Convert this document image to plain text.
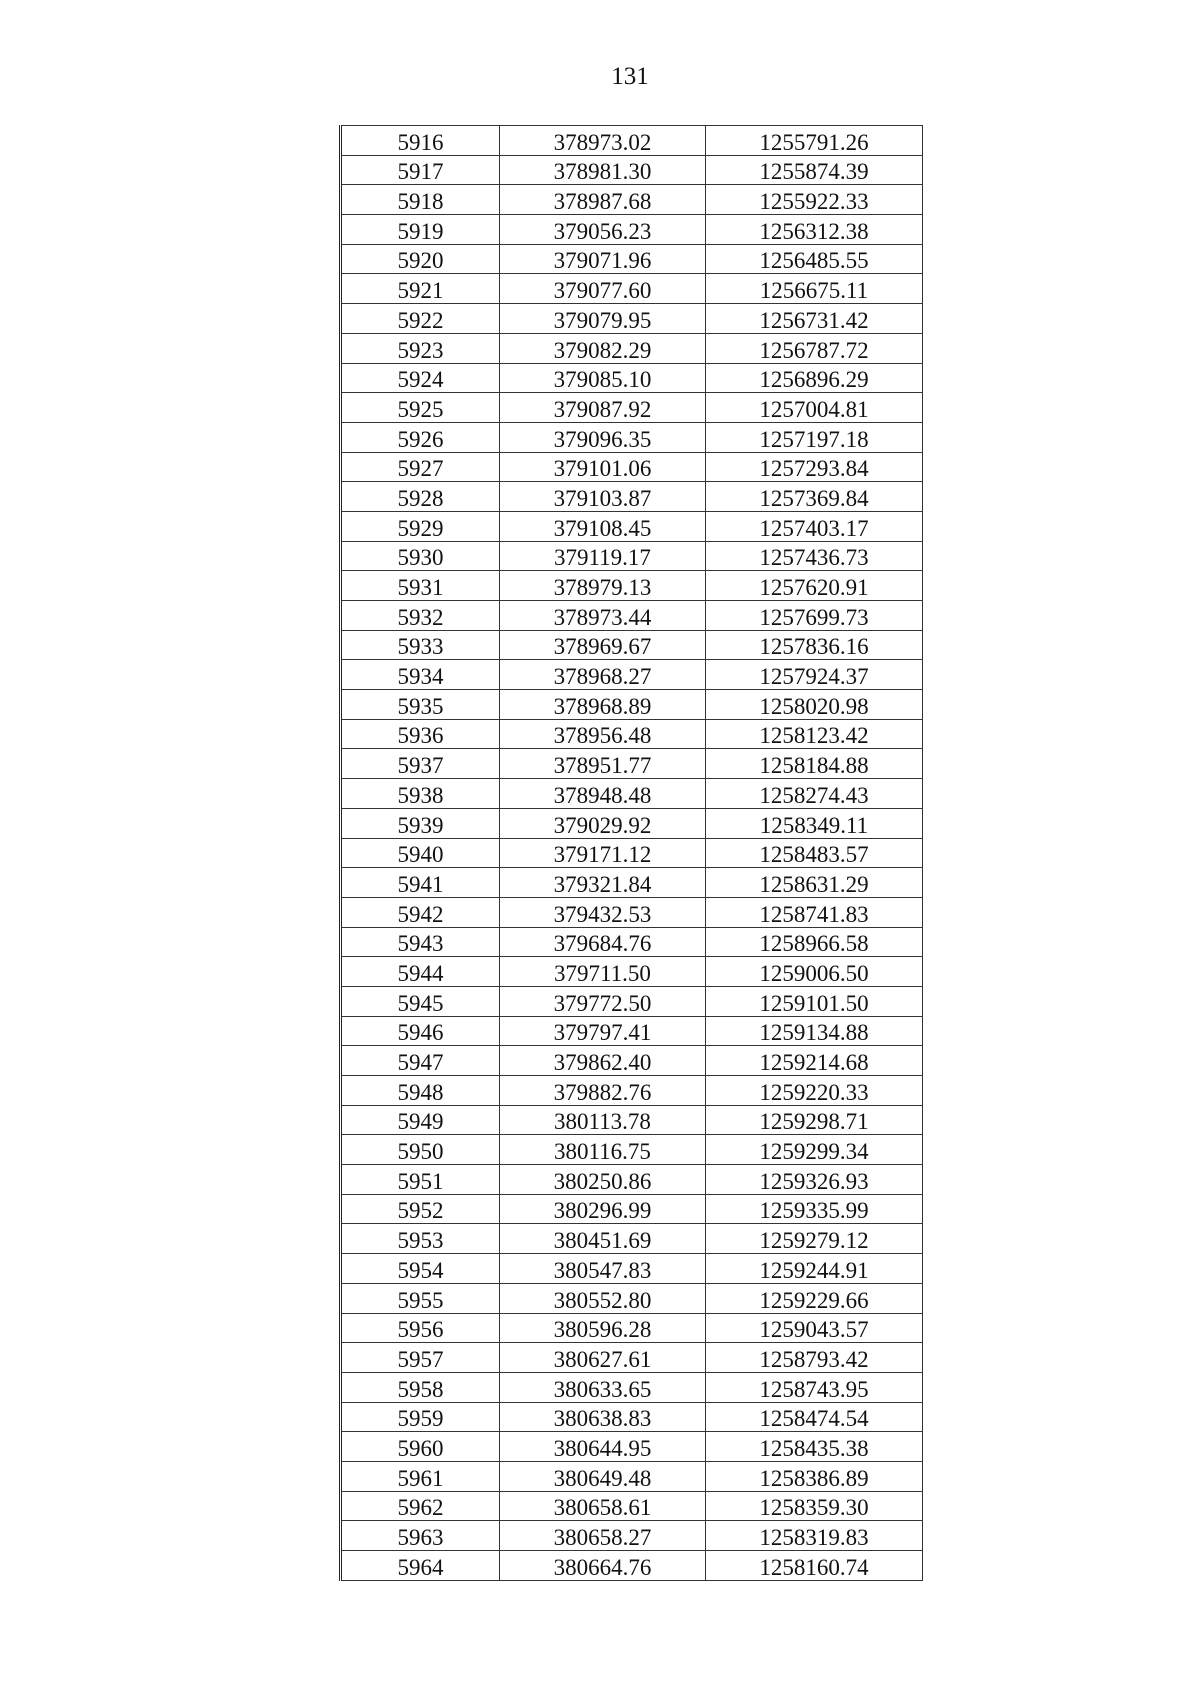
131
5916	378973.02	1255791.26
5917	378981.30	1255874.39
5918	378987.68	1255922.33
5919	379056.23	1256312.38
5920	379071.96	1256485.55
5921	379077.60	1256675.11
5922	379079.95	1256731.42
5923	379082.29	1256787.72
5924	379085.10	1256896.29
5925	379087.92	1257004.81
5926	379096.35	1257197.18
5927	379101.06	1257293.84
5928	379103.87	1257369.84
5929	379108.45	1257403.17
5930	379119.17	1257436.73
5931	378979.13	1257620.91
5932	378973.44	1257699.73
5933	378969.67	1257836.16
5934	378968.27	1257924.37
5935	378968.89	1258020.98
5936	378956.48	1258123.42
5937	378951.77	1258184.88
5938	378948.48	1258274.43
5939	379029.92	1258349.11
5940	379171.12	1258483.57
5941	379321.84	1258631.29
5942	379432.53	1258741.83
5943	379684.76	1258966.58
5944	379711.50	1259006.50
5945	379772.50	1259101.50
5946	379797.41	1259134.88
5947	379862.40	1259214.68
5948	379882.76	1259220.33
5949	380113.78	1259298.71
5950	380116.75	1259299.34
5951	380250.86	1259326.93
5952	380296.99	1259335.99
5953	380451.69	1259279.12
5954	380547.83	1259244.91
5955	380552.80	1259229.66
5956	380596.28	1259043.57
5957	380627.61	1258793.42
5958	380633.65	1258743.95
5959	380638.83	1258474.54
5960	380644.95	1258435.38
5961	380649.48	1258386.89
5962	380658.61	1258359.30
5963	380658.27	1258319.83
5964	380664.76	1258160.74
